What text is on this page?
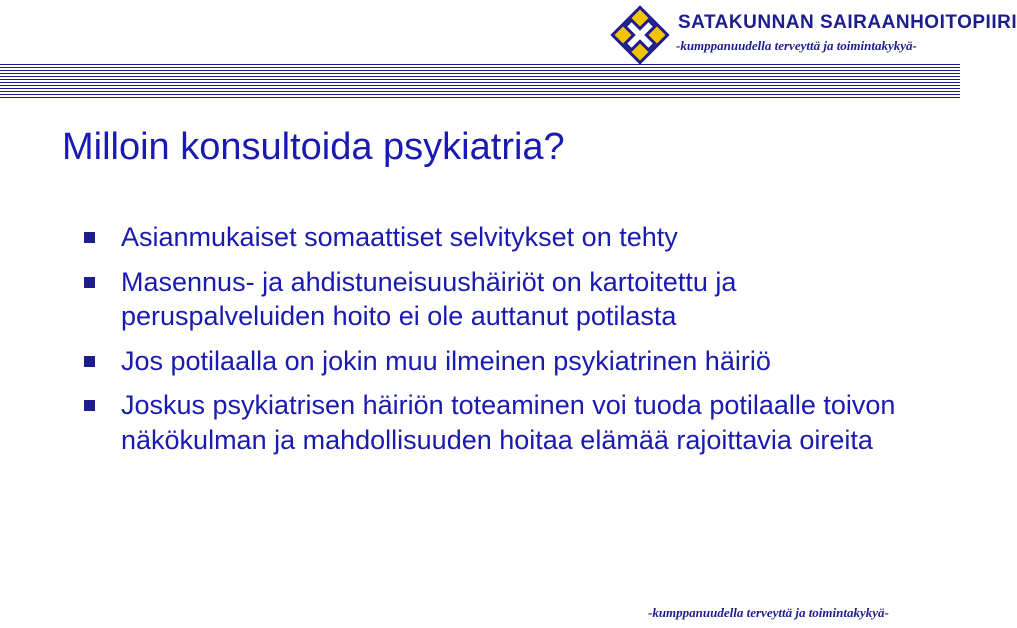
SATAKUNNAN SAIRAANHOITOPIIRI
-kumppanuudella terveyttä ja toimintakykyä-
Milloin konsultoida psykiatria?
Asianmukaiset somaattiset selvitykset on tehty
Masennus- ja ahdistuneisuushäiriöt on kartoitettu ja peruspalveluiden hoito ei ole auttanut potilasta
Jos potilaalla on jokin muu ilmeinen psykiatrinen häiriö
Joskus psykiatrisen häiriön toteaminen voi tuoda potilaalle toivon näkökulman ja mahdollisuuden hoitaa elämää rajoittavia oireita
-kumppanuudella terveyttä ja toimintakykyä-
